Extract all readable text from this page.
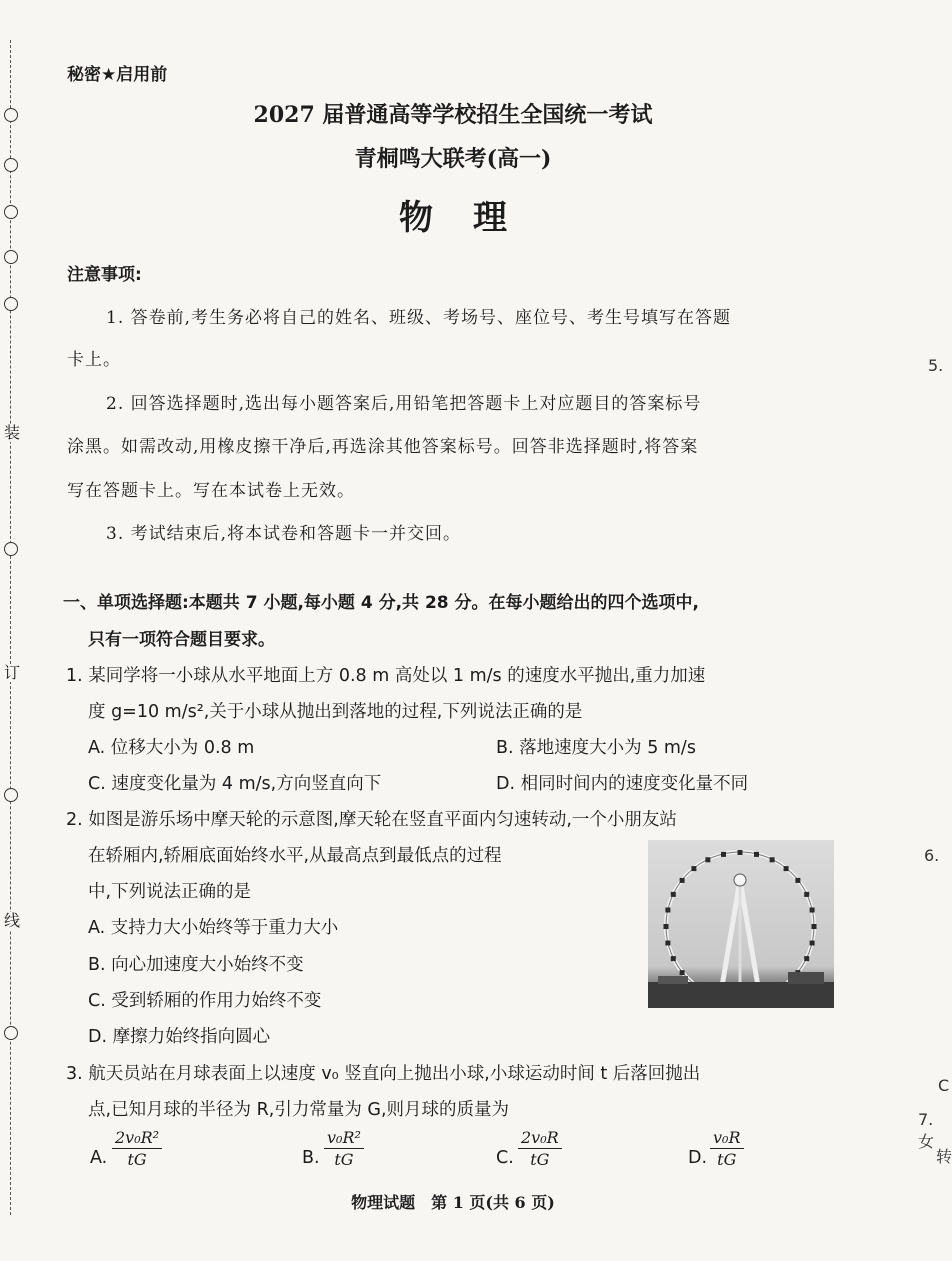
装
订
线
秘密★启用前
2027 届普通高等学校招生全国统一考试
青桐鸣大联考(高一)
物理
注意事项:
1. 答卷前,考生务必将自己的姓名、班级、考场号、座位号、考生号填写在答题
卡上。
2. 回答选择题时,选出每小题答案后,用铅笔把答题卡上对应题目的答案标号
涂黑。如需改动,用橡皮擦干净后,再选涂其他答案标号。回答非选择题时,将答案
写在答题卡上。写在本试卷上无效。
3. 考试结束后,将本试卷和答题卡一并交回。
一、单项选择题:本题共 7 小题,每小题 4 分,共 28 分。在每小题给出的四个选项中,
只有一项符合题目要求。
1. 某同学将一小球从水平地面上方 0.8 m 高处以 1 m/s 的速度水平抛出,重力加速
度 g=10 m/s²,关于小球从抛出到落地的过程,下列说法正确的是
A. 位移大小为 0.8 m	B. 落地速度大小为 5 m/s
C. 速度变化量为 4 m/s,方向竖直向下	D. 相同时间内的速度变化量不同
2. 如图是游乐场中摩天轮的示意图,摩天轮在竖直平面内匀速转动,一个小朋友站
在轿厢内,轿厢底面始终水平,从最高点到最低点的过程
中,下列说法正确的是
A. 支持力大小始终等于重力大小
B. 向心加速度大小始终不变
C. 受到轿厢的作用力始终不变
D. 摩擦力始终指向圆心
3. 航天员站在月球表面上以速度 v₀ 竖直向上抛出小球,小球运动时间 t 后落回抛出
点,已知月球的半径为 R,引力常量为 G,则月球的质量为
A. $\frac{\text{2v₀R²}}{tG}$	B. $\frac{\text{v₀R²}}{tG}$	C. $\frac{\text{2v₀R}}{tG}$	D. $\frac{\text{v₀R}}{tG}$
物理试题　第 1 页(共 6 页)
5.
6.
C
7. 女
转
